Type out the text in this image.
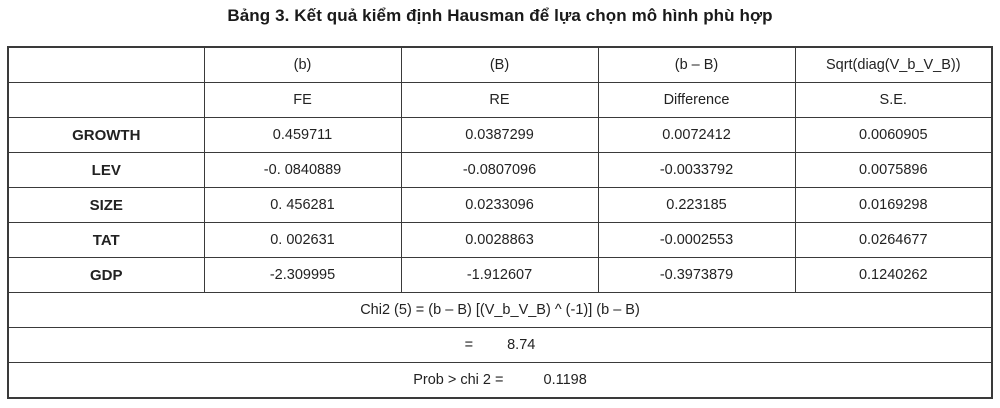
Bảng 3. Kết quả kiểm định Hausman để lựa chọn mô hình phù hợp
	(b)	(B)	(b – B)	Sqrt(diag(V_b_V_B))
	FE	RE	Difference	S.E.
GROWTH	0.459711	0.0387299	0.0072412	0.0060905
LEV	-0. 0840889	-0.0807096	-0.0033792	0.0075896
SIZE	0. 456281	0.0233096	0.223185	0.0169298
TAT	0. 002631	0.0028863	-0.0002553	0.0264677
GDP	-2.309995	-1.912607	-0.3973879	0.1240262
Chi2 (5) = (b – B) [(V_b_V_B) ^ (-1)] (b – B)				
= 8.74				
Prob > chi 2 = 0.1198				
